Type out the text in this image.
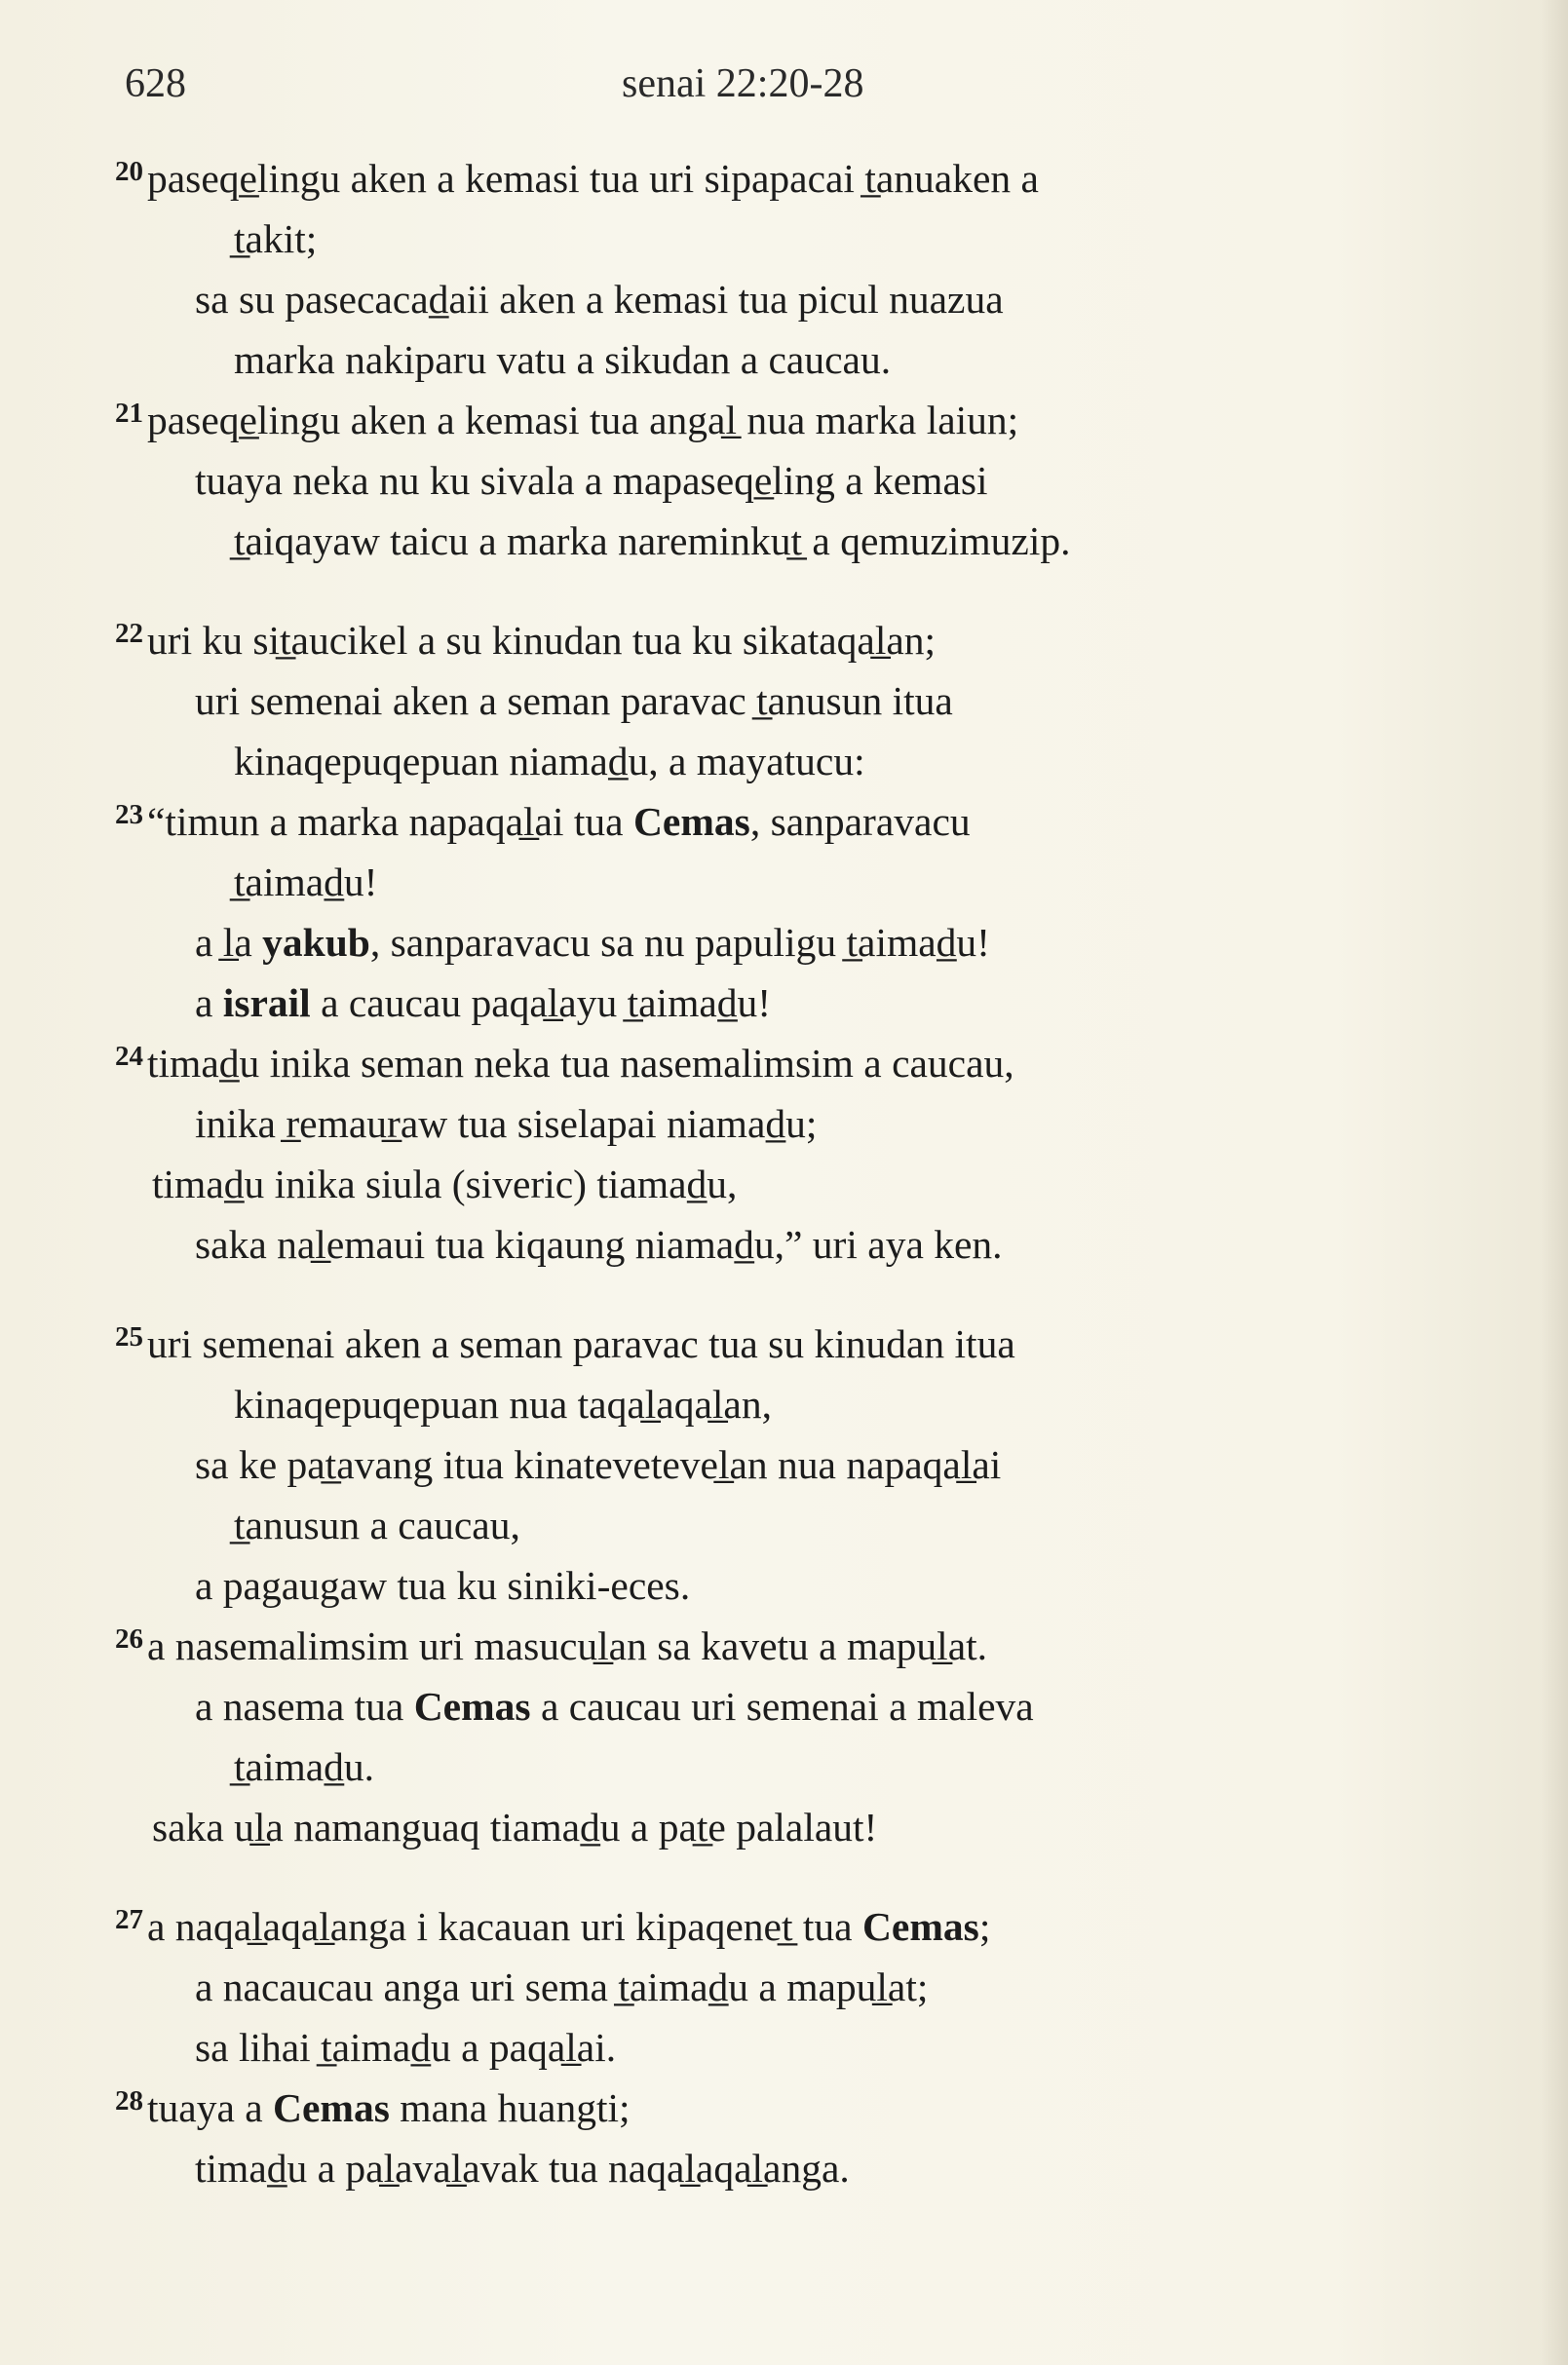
628	senai 22:20-28
$^{20}$paseqe̲lingu aken a kemasi tua uri sipapacai t̲anuaken a
t̲akit;
sa su pasecacad̲aii aken a kemasi tua picul nuazua
marka nakiparu vatu a sikudan a caucau.
$^{21}$paseqe̲lingu aken a kemasi tua angal̲ nua marka laiun;
tuaya neka nu ku sivala a mapaseqe̲ling a kemasi
t̲aiqayaw taicu a marka nareminkut̲ a qemuzimuzip.
$^{22}$uri ku sit̲aucikel a su kinudan tua ku sikataqal̲an;
uri semenai aken a seman paravac t̲anusun itua
kinaqepuqepuan niamad̲u, a mayatucu:
$^{23}$“timun a marka napaqal̲ai tua Cemas, sanparavacu
t̲aimad̲u!
a l̲a yakub, sanparavacu sa nu papuligu t̲aimad̲u!
a israil a caucau paqal̲ayu t̲aimad̲u!
$^{24}$timad̲u inika seman neka tua nasemalimsim a caucau,
inika r̲emaur̲aw tua siselapai niamad̲u;
timad̲u inika siula (siveric) tiamad̲u,
saka nal̲emaui tua kiqaung niamad̲u,” uri aya ken.
$^{25}$uri semenai aken a seman paravac tua su kinudan itua
kinaqepuqepuan nua taqal̲aqal̲an,
sa ke pat̲avang itua kinatevetevel̲an nua napaqal̲ai
t̲anusun a caucau,
a pagaugaw tua ku siniki-eces.
$^{26}$a nasemalimsim uri masucul̲an sa kavetu a mapul̲at.
a nasema tua Cemas a caucau uri semenai a maleva
t̲aimad̲u.
saka ul̲a namanguaq tiamad̲u a pat̲e palalaut!
$^{27}$a naqal̲aqal̲anga i kacauan uri kipaqenet̲ tua Cemas;
a nacaucau anga uri sema t̲aimad̲u a mapul̲at;
sa lihai t̲aimad̲u a paqal̲ai.
$^{28}$tuaya a Cemas mana huangti;
timad̲u a pal̲aval̲avak tua naqal̲aqal̲anga.
